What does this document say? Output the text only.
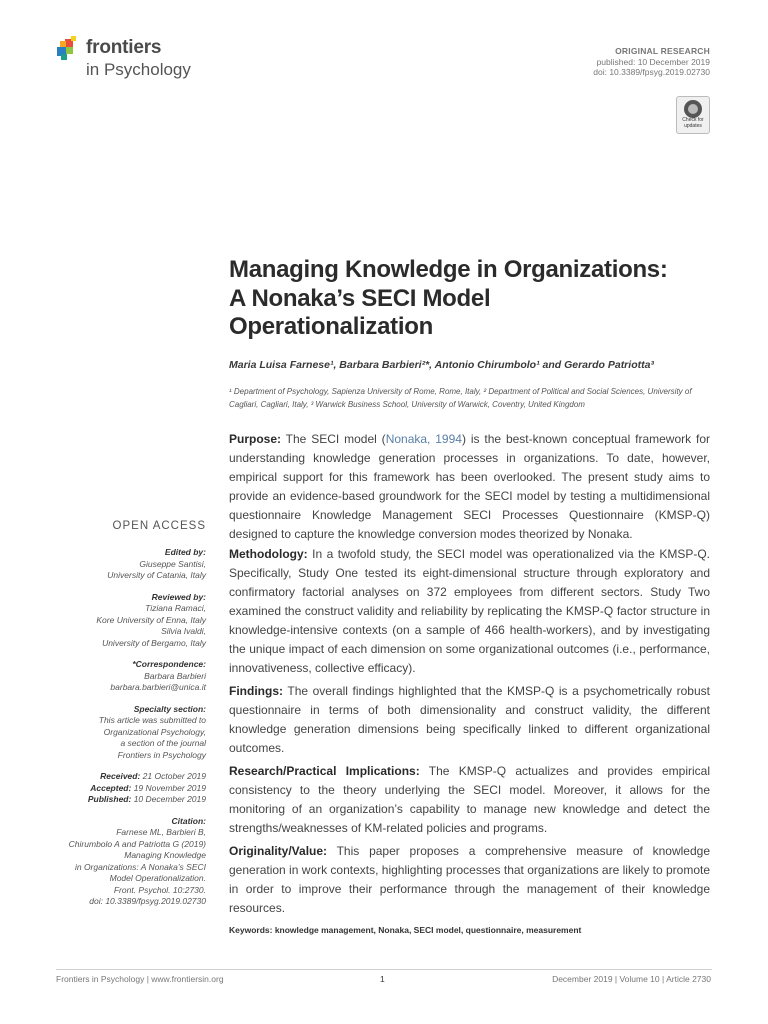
frontiers
in Psychology
ORIGINAL RESEARCH
published: 10 December 2019
doi: 10.3389/fpsyg.2019.02730
Check for updates
Managing Knowledge in Organizations: A Nonaka’s SECI Model Operationalization
Maria Luisa Farnese¹, Barbara Barbieri²*, Antonio Chirumbolo¹ and Gerardo Patriotta³
¹ Department of Psychology, Sapienza University of Rome, Rome, Italy, ² Department of Political and Social Sciences, University of Cagliari, Cagliari, Italy, ³ Warwick Business School, University of Warwick, Coventry, United Kingdom
Purpose: The SECI model (Nonaka, 1994) is the best-known conceptual framework for understanding knowledge generation processes in organizations. To date, however, empirical support for this framework has been overlooked. The present study aims to provide an evidence-based groundwork for the SECI model by testing a multidimensional questionnaire Knowledge Management SECI Processes Questionnaire (KMSP-Q) designed to capture the knowledge conversion modes theorized by Nonaka.
Methodology: In a twofold study, the SECI model was operationalized via the KMSP-Q. Specifically, Study One tested its eight-dimensional structure through exploratory and confirmatory factorial analyses on 372 employees from different sectors. Study Two examined the construct validity and reliability by replicating the KMSP-Q factor structure in knowledge-intensive contexts (on a sample of 466 health-workers), and by investigating the unique impact of each dimension on some organizational outcomes (i.e., performance, innovativeness, collective efficacy).
Findings: The overall findings highlighted that the KMSP-Q is a psychometrically robust questionnaire in terms of both dimensionality and construct validity, the different knowledge generation dimensions being specifically linked to different organizational outcomes.
Research/Practical Implications: The KMSP-Q actualizes and provides empirical consistency to the theory underlying the SECI model. Moreover, it allows for the monitoring of an organization’s capability to manage new knowledge and detect the strengths/weaknesses of KM-related policies and programs.
Originality/Value: This paper proposes a comprehensive measure of knowledge generation in work contexts, highlighting processes that organizations are likely to promote in order to improve their performance through the management of their knowledge resources.
Keywords: knowledge management, Nonaka, SECI model, questionnaire, measurement
OPEN ACCESS
Edited by:
Giuseppe Santisi,
University of Catania, Italy
Reviewed by:
Tiziana Ramaci,
Kore University of Enna, Italy
Silvia Ivaldi,
University of Bergamo, Italy
*Correspondence:
Barbara Barbieri
barbara.barbieri@unica.it
Specialty section:
This article was submitted to
Organizational Psychology,
a section of the journal
Frontiers in Psychology
Received: 21 October 2019
Accepted: 19 November 2019
Published: 10 December 2019
Citation:
Farnese ML, Barbieri B,
Chirumbolo A and Patriotta G (2019)
Managing Knowledge
in Organizations: A Nonaka’s SECI
Model Operationalization.
Front. Psychol. 10:2730.
doi: 10.3389/fpsyg.2019.02730
Frontiers in Psychology | www.frontiersin.org	1	December 2019 | Volume 10 | Article 2730
